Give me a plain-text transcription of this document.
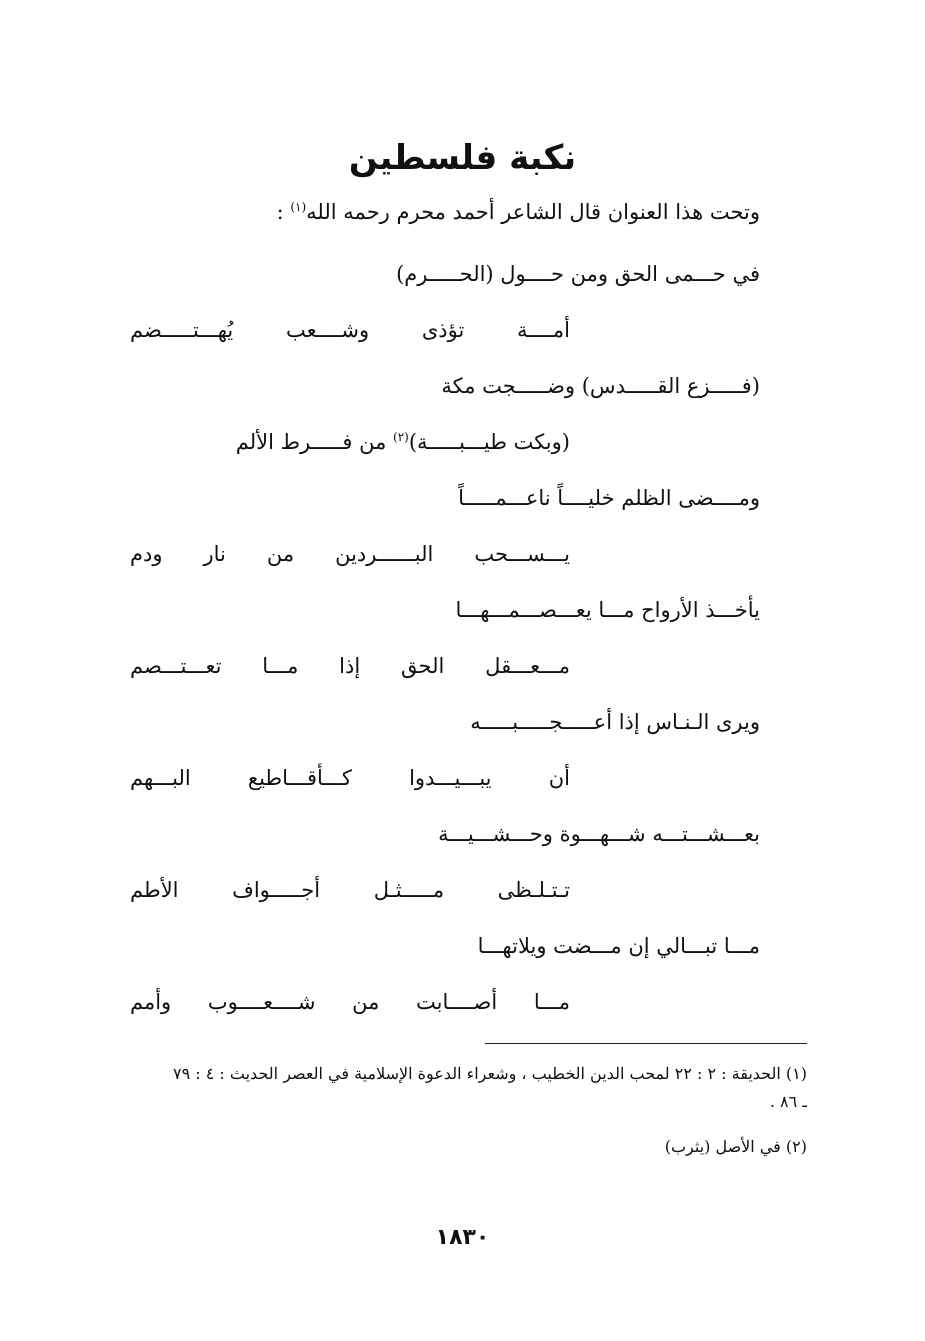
نكبة فلسطين
وتحت هذا العنوان قال الشاعر أحمد محرم رحمه الله$^{(١)}$ :
في حـــمى الحق ومن حــــول (الحـــــرم)
أمــــة تؤذى وشــــعب يُهـــتـــــضم
(فـــــزع القـــــدس) وضـــــجت مكة
(وبكت طيـــبـــــة)$^{(٢)}$ من فـــــرط الألم
ومــــضى الظلم خليــــاً ناعـــمـــــاً
يـــســـحب البــــــردين من نار ودم
يأخـــذ الأرواح مـــا يعـــصـــمـــهـــا
مـــعـــقل الحق إذا مـــا تعـــتـــصم
ويرى الـنـاس إذا أعـــــجـــــبـــــه
أن يبـــيـــدوا كـــأقـــاطيع البـــهم
بعـــشـــتـــه شـــهـــوة وحـــشـــيـــة
تـتـلـظى مـــــثـل أجـــــواف الأطم
مـــا تبـــالي إن مـــضت ويلاتهـــا
مـــا أصــــابت من شــــعــــوب وأمم
(١) الحديقة : ٢ : ٢٢ لمحب الدين الخطيب ، وشعراء الدعوة الإسلامية في العصر الحديث : ٤ : ٧٩
ـ ٨٦ .
(٢) في الأصل (يثرب)
١٨٣٠
